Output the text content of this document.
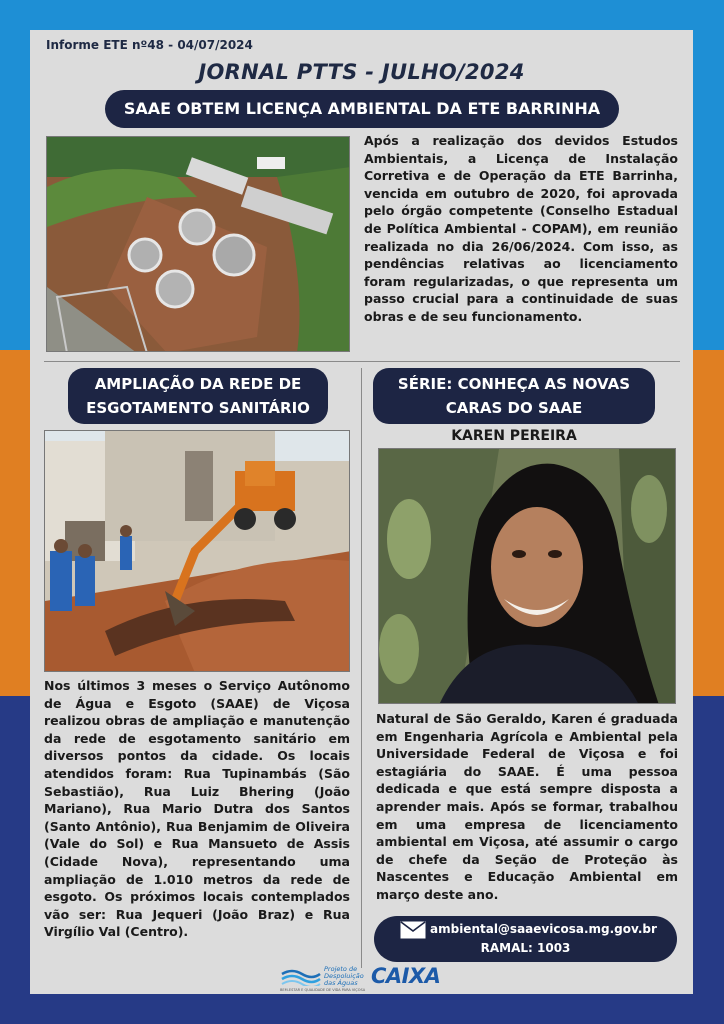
Informe ETE nº48 - 04/07/2024
JORNAL PTTS - JULHO/2024
SAAE OBTEM LICENÇA AMBIENTAL DA ETE BARRINHA
Após a realização dos devidos Estudos Ambientais, a Licença de Instalação Corretiva e de Operação da ETE Barrinha, vencida em outubro de 2020, foi aprovada pelo órgão competente (Conselho Estadual de Política Ambiental - COPAM), em reunião realizada no dia 26/06/2024. Com isso, as pendências relativas ao licenciamento foram regularizadas, o que representa um passo crucial para a continuidade de suas obras e de seu funcionamento.
AMPLIAÇÃO DA REDE DE
ESGOTAMENTO SANITÁRIO
SÉRIE: CONHEÇA AS NOVAS
CARAS DO SAAE
Nos últimos 3 meses o Serviço Autônomo de Água e Esgoto (SAAE) de Viçosa realizou obras de ampliação e manutenção da rede de esgotamento sanitário em diversos pontos da cidade. Os locais atendidos foram: Rua Tupinambás (São Sebastião), Rua Luiz Bhering (João Mariano), Rua Mario Dutra dos Santos (Santo Antônio), Rua Benjamim de Oliveira (Vale do Sol) e Rua Mansueto de Assis (Cidade Nova), representando uma ampliação de 1.010 metros da rede de esgoto. Os próximos locais contemplados vão ser: Rua Jequeri (João Braz) e Rua Virgílio Val (Centro).
KAREN PEREIRA
Natural de São Geraldo, Karen é graduada em Engenharia Agrícola e Ambiental pela Universidade Federal de Viçosa e foi estagiária do SAAE. É uma pessoa dedicada e que está sempre disposta a aprender mais. Após se formar, trabalhou em uma empresa de licenciamento ambiental em Viçosa, até assumir o cargo de chefe da Seção de Proteção às Nascentes e Educação Ambiental em março deste ano.
ambiental@saaevicosa.mg.gov.br
RAMAL: 1003
Projeto de Despoluição das Águas
BEM-ESTAR E QUALIDADE DE VIDA PARA VIÇOSA
CAIXA
